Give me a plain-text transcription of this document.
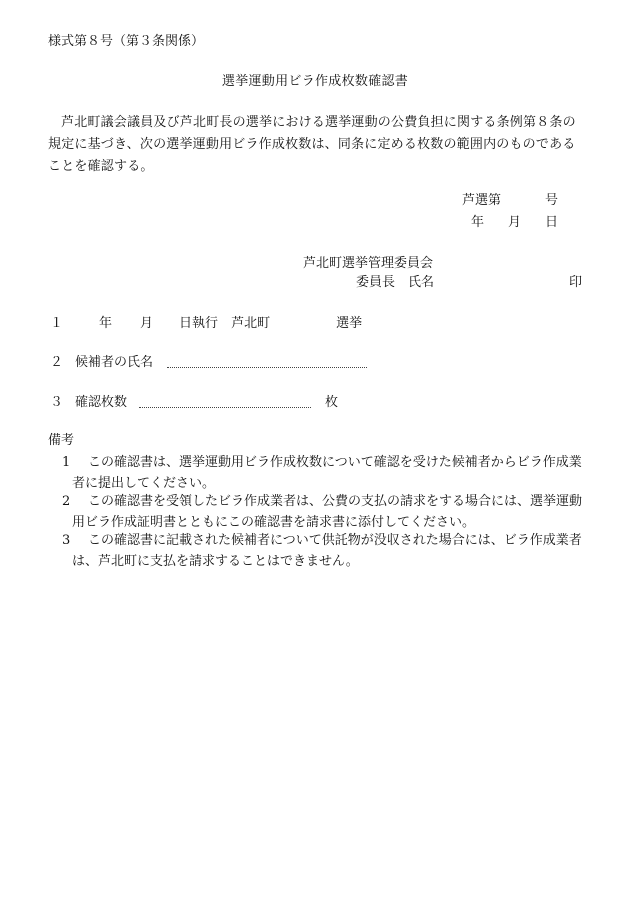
様式第８号（第３条関係）
選挙運動用ビラ作成枚数確認書
芦北町議会議員及び芦北町長の選挙における選挙運動の公費負担に関する条例第８条の規定に基づき、次の選挙運動用ビラ作成枚数は、同条に定める枚数の範囲内のものであることを確認する。
芦選第	号
年 月 日
芦北町選挙管理委員会
委員長　氏名	印
１	年 月 日執行 芦北町	選挙
２ 候補者の氏名
３ 確認枚数	枚
備考
1	この確認書は、選挙運動用ビラ作成枚数について確認を受けた候補者からビラ作成業者に提出してください。
2	この確認書を受領したビラ作成業者は、公費の支払の請求をする場合には、選挙運動用ビラ作成証明書とともにこの確認書を請求書に添付してください。
3	この確認書に記載された候補者について供託物が没収された場合には、ビラ作成業者は、芦北町に支払を請求することはできません。
